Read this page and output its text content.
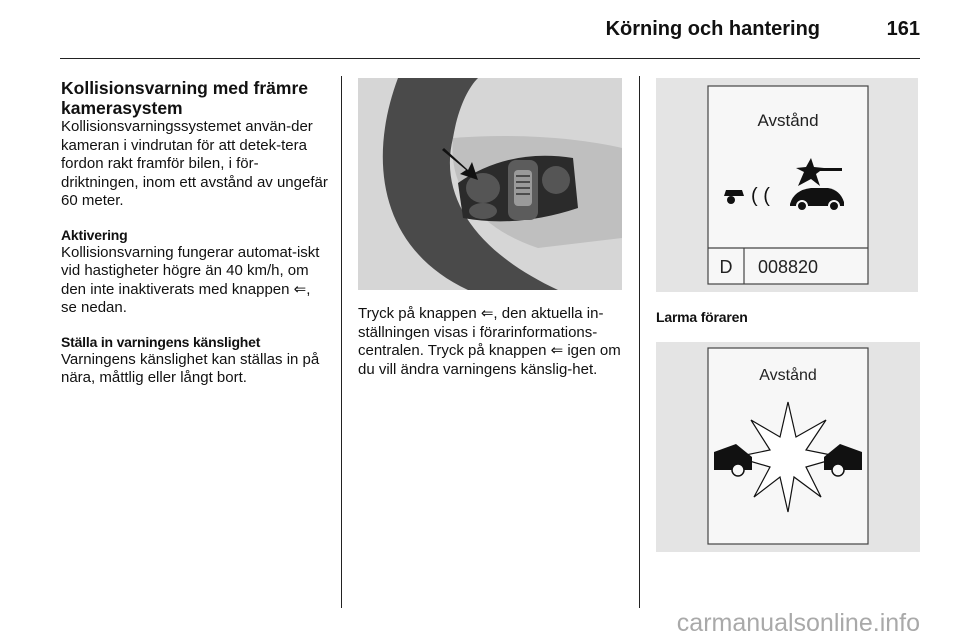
Körning och hantering	161
Kollisionsvarning med främre kamerasystem

Kollisionsvarningssystemet använ-der kameran i vindrutan för att detek-tera fordon rakt framför bilen, i för-driktningen, inom ett avstånd av ungefär 60 meter.

Aktivering

Kollisionsvarning fungerar automat-iskt vid hastigheter högre än 40 km/h, om den inte inaktiverats med knappen ⇐, se nedan.

Ställa in varningens känslighet

Varningens känslighet kan ställas in på nära, måttlig eller långt bort.

Tryck på knappen ⇐, den aktuella in-ställningen visas i förarinformations-centralen. Tryck på knappen ⇐ igen om du vill ändra varningens känslig-het.

Avstånd
( (
D 008820
Larma föraren
Avstånd
carmanualsonline.info
